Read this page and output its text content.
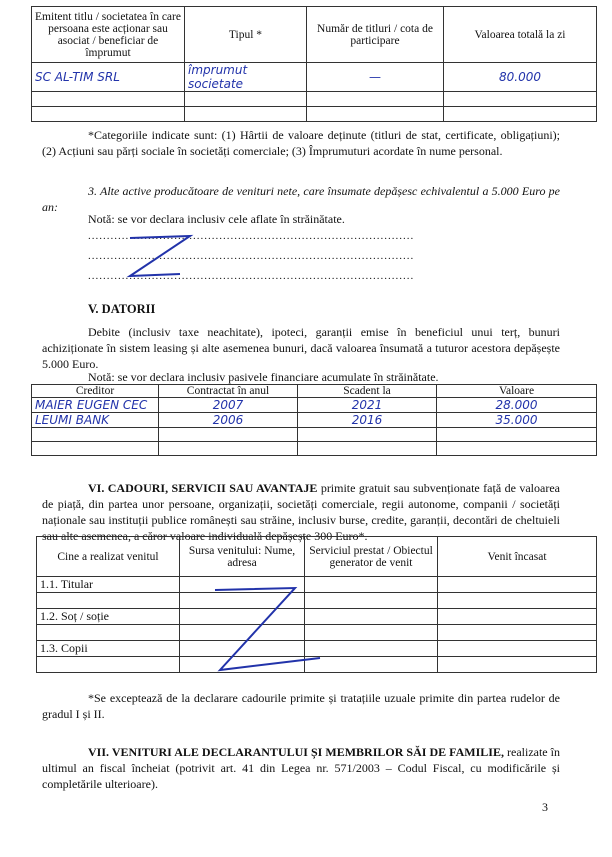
Emitent titlu / societatea în care persoana este acționar sau asociat / beneficiar de împrumut	Tipul *	Număr de titluri / cota de participare	Valoarea totală la zi
SC AL-TIM SRL	împrumut societate	—	80.000

*Categoriile indicate sunt: (1) Hârtii de valoare deținute (titluri de stat, certificate, obligațiuni); (2) Acțiuni sau părți sociale în societăți comerciale; (3) Împrumuturi acordate în nume personal.
3. Alte active producătoare de venituri nete, care însumate depășesc echivalentul a 5.000 Euro pe an:
Notă: se vor declara inclusiv cele aflate în străinătate.
.......................................................................................
.......................................................................................
.......................................................................................
V. DATORII
Debite (inclusiv taxe neachitate), ipoteci, garanții emise în beneficiul unui terț, bunuri achiziționate în sistem leasing și alte asemenea bunuri, dacă valoarea însumată a tuturor acestora depășește 5.000 Euro.
Notă: se vor declara inclusiv pasivele financiare acumulate în străinătate.
Creditor	Contractat în anul	Scadent la	Valoare
MAIER EUGEN CEC	2007	2021	28.000
LEUMI BANK	2006	2016	35.000

VI. CADOURI, SERVICII SAU AVANTAJE primite gratuit sau subvenționate față de valoarea de piață, din partea unor persoane, organizații, societăți comerciale, regii autonome, companii / societăți naționale sau instituții publice românești sau străine, inclusiv burse, credite, garanții, decontări de cheltuieli sau alte asemenea, a căror valoare individuală depășește 300 Euro*.
Cine a realizat venitul	Sursa venitului: Nume, adresa	Serviciul prestat / Obiectul generator de venit	Venit încasat
1.1. Titular			

1.2. Soț / soție			

1.3. Copii			

*Se exceptează de la declarare cadourile primite și tratațiile uzuale primite din partea rudelor de gradul I și II.
VII. VENITURI ALE DECLARANTULUI ȘI MEMBRILOR SĂI DE FAMILIE, realizate în ultimul an fiscal încheiat (potrivit art. 41 din Legea nr. 571/2003 – Codul Fiscal, cu modificările și completările ulterioare).
3
